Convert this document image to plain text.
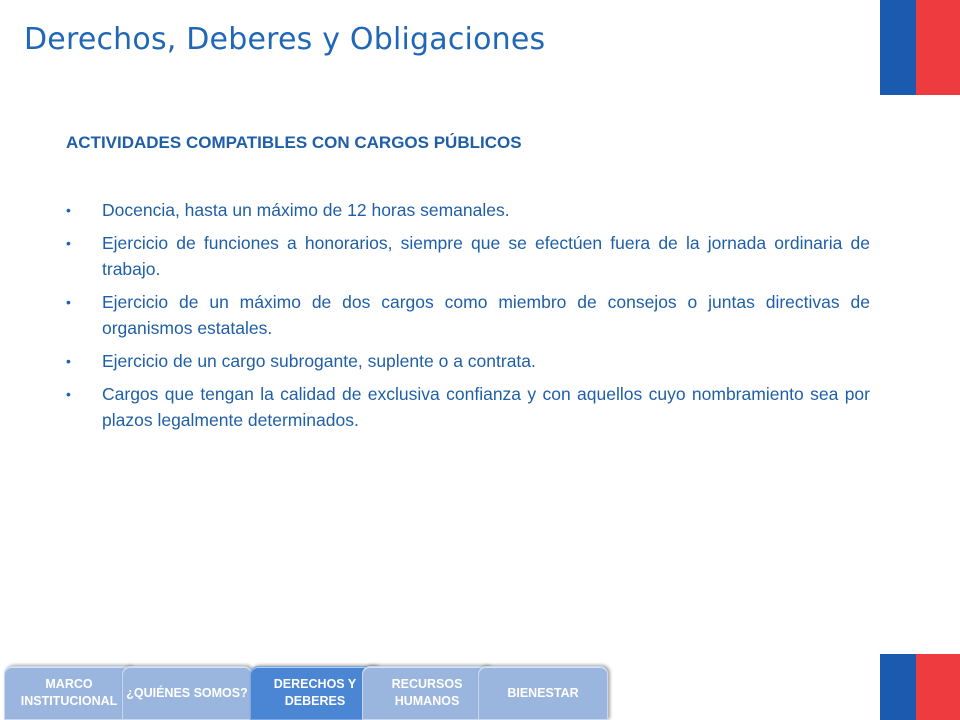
Derechos, Deberes y Obligaciones
ACTIVIDADES COMPATIBLES CON CARGOS PÚBLICOS
•	Docencia, hasta un máximo de 12 horas semanales.
•	Ejercicio de funciones a honorarios, siempre que se efectúen fuera de la jornada ordinaria de trabajo.
•	Ejercicio de un máximo de dos cargos como miembro de consejos o juntas directivas de organismos estatales.
•	Ejercicio de un cargo subrogante, suplente o a contrata.
•	Cargos que tengan la calidad de exclusiva confianza y con aquellos cuyo nombramiento sea por plazos legalmente determinados.
MARCO INSTITUCIONAL
¿QUIÉNES SOMOS?
DERECHOS Y DEBERES
RECURSOS HUMANOS
BIENESTAR
